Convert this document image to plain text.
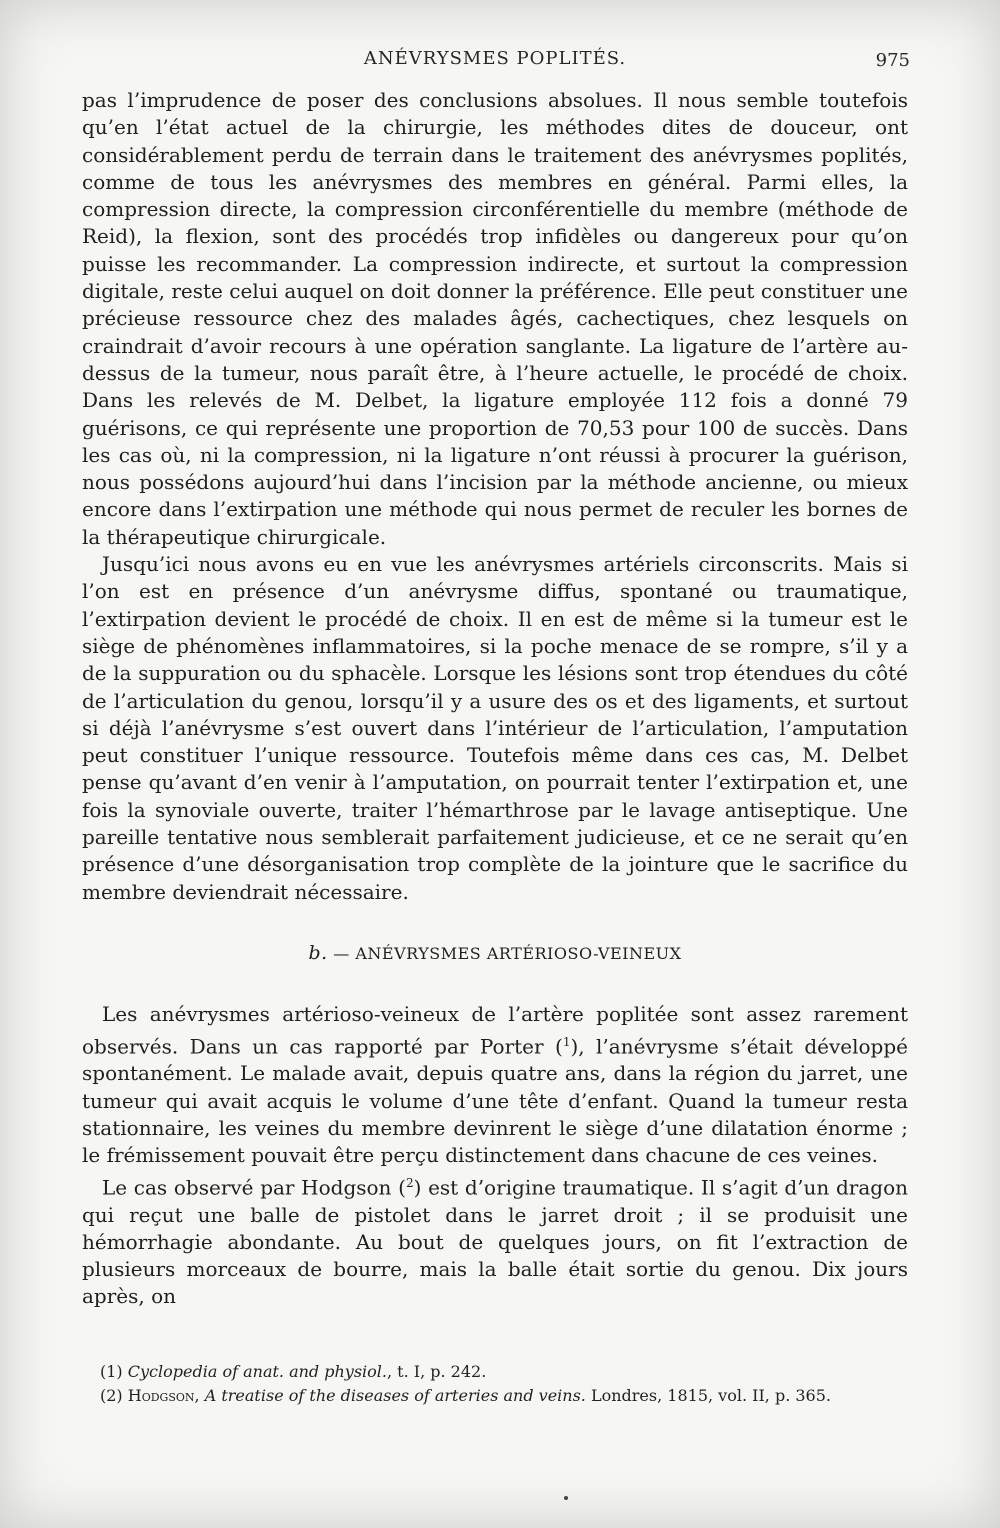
ANÉVRYSMES POPLITÉS.	975

pas l’imprudence de poser des conclusions absolues. Il nous semble toutefois qu’en l’état actuel de la chirurgie, les méthodes dites de douceur, ont considérablement perdu de terrain dans le traitement des anévrysmes poplités, comme de tous les anévrysmes des membres en général. Parmi elles, la compression directe, la compression circonférentielle du membre (méthode de Reid), la flexion, sont des procédés trop infidèles ou dangereux pour qu’on puisse les recommander. La compression indirecte, et surtout la compression digitale, reste celui auquel on doit donner la préférence. Elle peut constituer une précieuse ressource chez des malades âgés, cachectiques, chez lesquels on craindrait d’avoir recours à une opération sanglante. La ligature de l’artère au-dessus de la tumeur, nous paraît être, à l’heure actuelle, le procédé de choix. Dans les relevés de M. Delbet, la ligature employée 112 fois a donné 79 guérisons, ce qui représente une proportion de 70,53 pour 100 de succès. Dans les cas où, ni la compression, ni la ligature n’ont réussi à procurer la guérison, nous possédons aujourd’hui dans l’incision par la méthode ancienne, ou mieux encore dans l’extirpation une méthode qui nous permet de reculer les bornes de la thérapeutique chirurgicale.

Jusqu’ici nous avons eu en vue les anévrysmes artériels circonscrits. Mais si l’on est en présence d’un anévrysme diffus, spontané ou traumatique, l’extirpation devient le procédé de choix. Il en est de même si la tumeur est le siège de phénomènes inflammatoires, si la poche menace de se rompre, s’il y a de la suppuration ou du sphacèle. Lorsque les lésions sont trop étendues du côté de l’articulation du genou, lorsqu’il y a usure des os et des ligaments, et surtout si déjà l’anévrysme s’est ouvert dans l’intérieur de l’articulation, l’amputation peut constituer l’unique ressource. Toutefois même dans ces cas, M. Delbet pense qu’avant d’en venir à l’amputation, on pourrait tenter l’extirpation et, une fois la synoviale ouverte, traiter l’hémarthrose par le lavage antiseptique. Une pareille tentative nous semblerait parfaitement judicieuse, et ce ne serait qu’en présence d’une désorganisation trop complète de la jointure que le sacrifice du membre deviendrait nécessaire.

b. — ANÉVRYSMES ARTÉRIOSO-VEINEUX

Les anévrysmes artérioso-veineux de l’artère poplitée sont assez rarement observés. Dans un cas rapporté par Porter ($^1$), l’anévrysme s’était développé spontanément. Le malade avait, depuis quatre ans, dans la région du jarret, une tumeur qui avait acquis le volume d’une tête d’enfant. Quand la tumeur resta stationnaire, les veines du membre devinrent le siège d’une dilatation énorme ; le frémissement pouvait être perçu distinctement dans chacune de ces veines.

Le cas observé par Hodgson ($^2$) est d’origine traumatique. Il s’agit d’un dragon qui reçut une balle de pistolet dans le jarret droit ; il se produisit une hémorrhagie abondante. Au bout de quelques jours, on fit l’extraction de plusieurs morceaux de bourre, mais la balle était sortie du genou. Dix jours après, on

(1) Cyclopedia of anat. and physiol., t. I, p. 242.

(2) Hodgson, A treatise of the diseases of arteries and veins. Londres, 1815, vol. II, p. 365.
